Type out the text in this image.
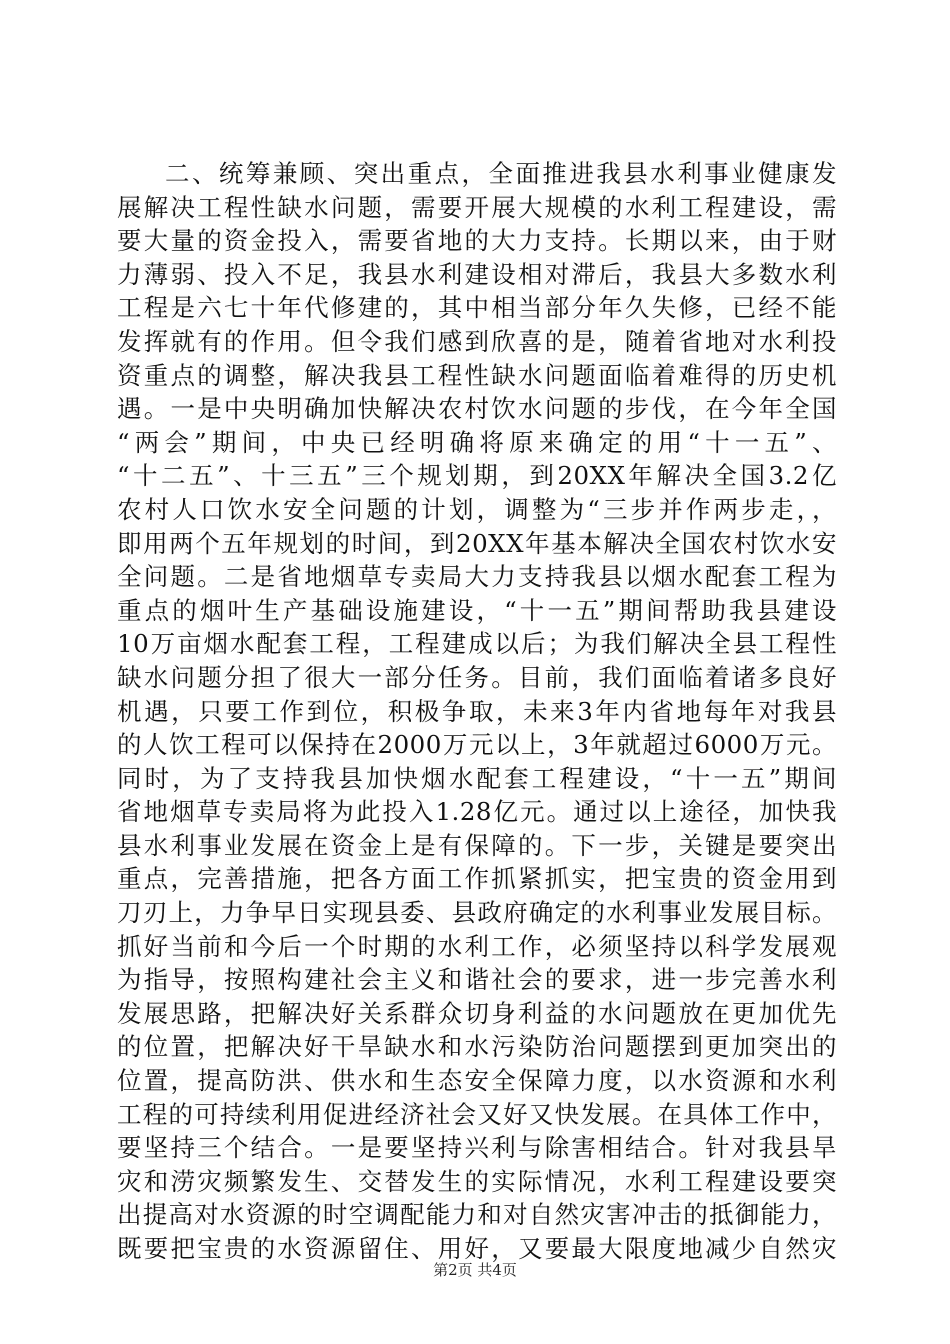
二、统筹兼顾、突出重点，全面推进我县水利事业健康发
展解决工程性缺水问题，需要开展大规模的水利工程建设，需
要大量的资金投入，需要省地的大力支持。长期以来，由于财
力薄弱、投入不足，我县水利建设相对滞后，我县大多数水利
工程是六七十年代修建的，其中相当部分年久失修，已经不能
发挥就有的作用。但令我们感到欣喜的是，随着省地对水利投
资重点的调整，解决我县工程性缺水问题面临着难得的历史机
遇。一是中央明确加快解决农村饮水问题的步伐，在今年全国
“两会”期间，中央已经明确将原来确定的用“十一五”、
“十二五”、十三五”三个规划期，到20XX年解决全国3.2亿
农村人口饮水安全问题的计划，调整为“三步并作两步走，，
即用两个五年规划的时间，到20XX年基本解决全国农村饮水安
全问题。二是省地烟草专卖局大力支持我县以烟水配套工程为
重点的烟叶生产基础设施建设，“十一五”期间帮助我县建设
10万亩烟水配套工程，工程建成以后；为我们解决全县工程性
缺水问题分担了很大一部分任务。目前，我们面临着诸多良好
机遇，只要工作到位，积极争取，未来3年内省地每年对我县
的人饮工程可以保持在2000万元以上，3年就超过6000万元。
同时，为了支持我县加快烟水配套工程建设，“十一五”期间
省地烟草专卖局将为此投入1.28亿元。通过以上途径，加快我
县水利事业发展在资金上是有保障的。下一步，关键是要突出
重点，完善措施，把各方面工作抓紧抓实，把宝贵的资金用到
刀刃上，力争早日实现县委、县政府确定的水利事业发展目标。
抓好当前和今后一个时期的水利工作，必须坚持以科学发展观
为指导，按照构建社会主义和谐社会的要求，进一步完善水利
发展思路，把解决好关系群众切身利益的水问题放在更加优先
的位置，把解决好干旱缺水和水污染防治问题摆到更加突出的
位置，提高防洪、供水和生态安全保障力度，以水资源和水利
工程的可持续利用促进经济社会又好又快发展。在具体工作中，
要坚持三个结合。一是要坚持兴利与除害相结合。针对我县旱
灾和涝灾频繁发生、交替发生的实际情况，水利工程建设要突
出提高对水资源的时空调配能力和对自然灾害冲击的抵御能力，
既要把宝贵的水资源留住、用好，又要最大限度地减少自然灾
第2页 共4页
